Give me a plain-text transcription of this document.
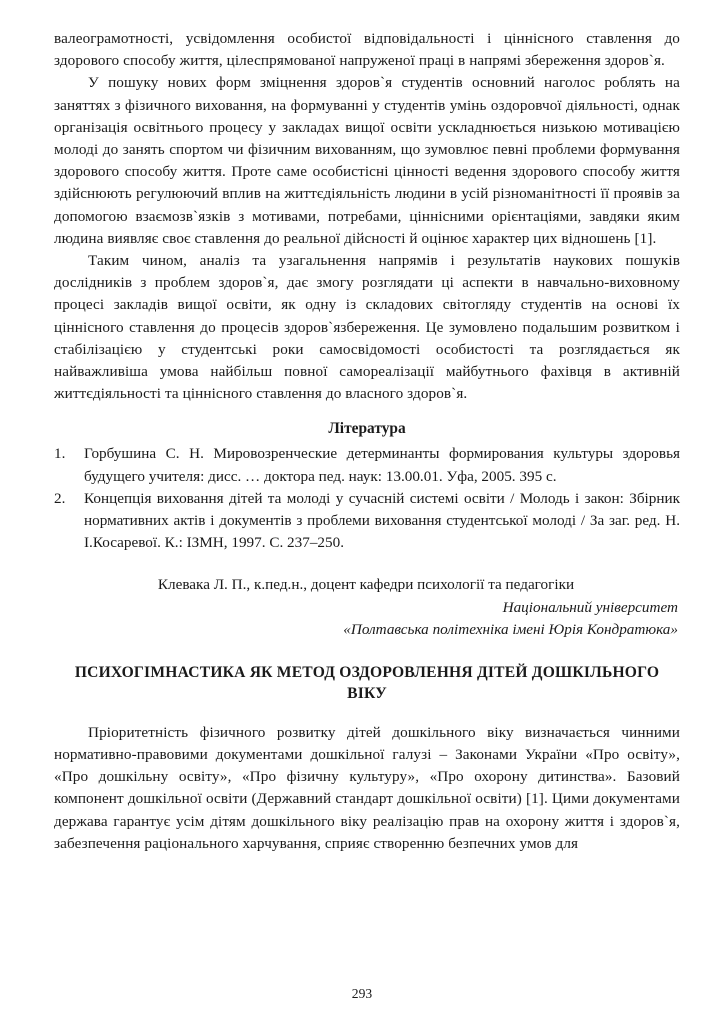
валеограмотності, усвідомлення особистої відповідальності і ціннісного ставлення до здорового способу життя, цілеспрямованої напруженої праці в напрямі збереження здоров`я.

У пошуку нових форм зміцнення здоров`я студентів основний наголос роблять на заняттях з фізичного виховання, на формуванні у студентів умінь оздоровчої діяльності, однак організація освітнього процесу у закладах вищої освіти ускладнюється низькою мотивацією молоді до занять спортом чи фізичним вихованням, що зумовлює певні проблеми формування здорового способу життя. Проте саме особистісні цінності ведення здорового способу життя здійснюють регулюючий вплив на життєдіяльність людини в усій різноманітності її проявів за допомогою взаємозв`язків з мотивами, потребами, ціннісними орієнтаціями, завдяки яким людина виявляє своє ставлення до реальної дійсності й оцінює характер цих відношень [1].

Таким чином, аналіз та узагальнення напрямів і результатів наукових пошуків дослідників з проблем здоров`я, дає змогу розглядати ці аспекти в навчально-виховному процесі закладів вищої освіти, як одну із складових світогляду студентів на основі їх ціннісного ставлення до процесів здоров`язбереження. Це зумовлено подальшим розвитком і стабілізацією у студентські роки самосвідомості особистості та розглядається як найважливіша умова найбільш повної самореалізації майбутнього фахівця в активній життєдіяльності та ціннісного ставлення до власного здоров`я.

Література
1.	Горбушина С. Н. Мировозренческие детерминанты формирования культуры здоровья будущего учителя: дисс. … доктора пед. наук: 13.00.01. Уфа, 2005. 395 с.
2.	Концепція виховання дітей та молоді у сучасній системі освіти / Молодь і закон: Збірник нормативних актів і документів з проблеми виховання студентської молоді / За заг. ред. Н. І.Косаревої. К.: ІЗМН, 1997. С. 237–250.
Клевака Л. П., к.пед.н., доцент кафедри психології та педагогіки
Національний університет
«Полтавська політехніка імені Юрія Кондратюка»
ПСИХОГІМНАСТИКА ЯК МЕТОД ОЗДОРОВЛЕННЯ ДІТЕЙ ДОШКІЛЬНОГО ВІКУ

Пріоритетність фізичного розвитку дітей дошкільного віку визначається чинними нормативно-правовими документами дошкільної галузі – Законами України «Про освіту», «Про дошкільну освіту», «Про фізичну культуру», «Про охорону дитинства». Базовий компонент дошкільної освіти (Державний стандарт дошкільної освіти) [1]. Цими документами держава гарантує усім дітям дошкільного віку реалізацію прав на охорону життя і здоров`я, забезпечення раціонального харчування, сприяє створенню безпечних умов для

293
